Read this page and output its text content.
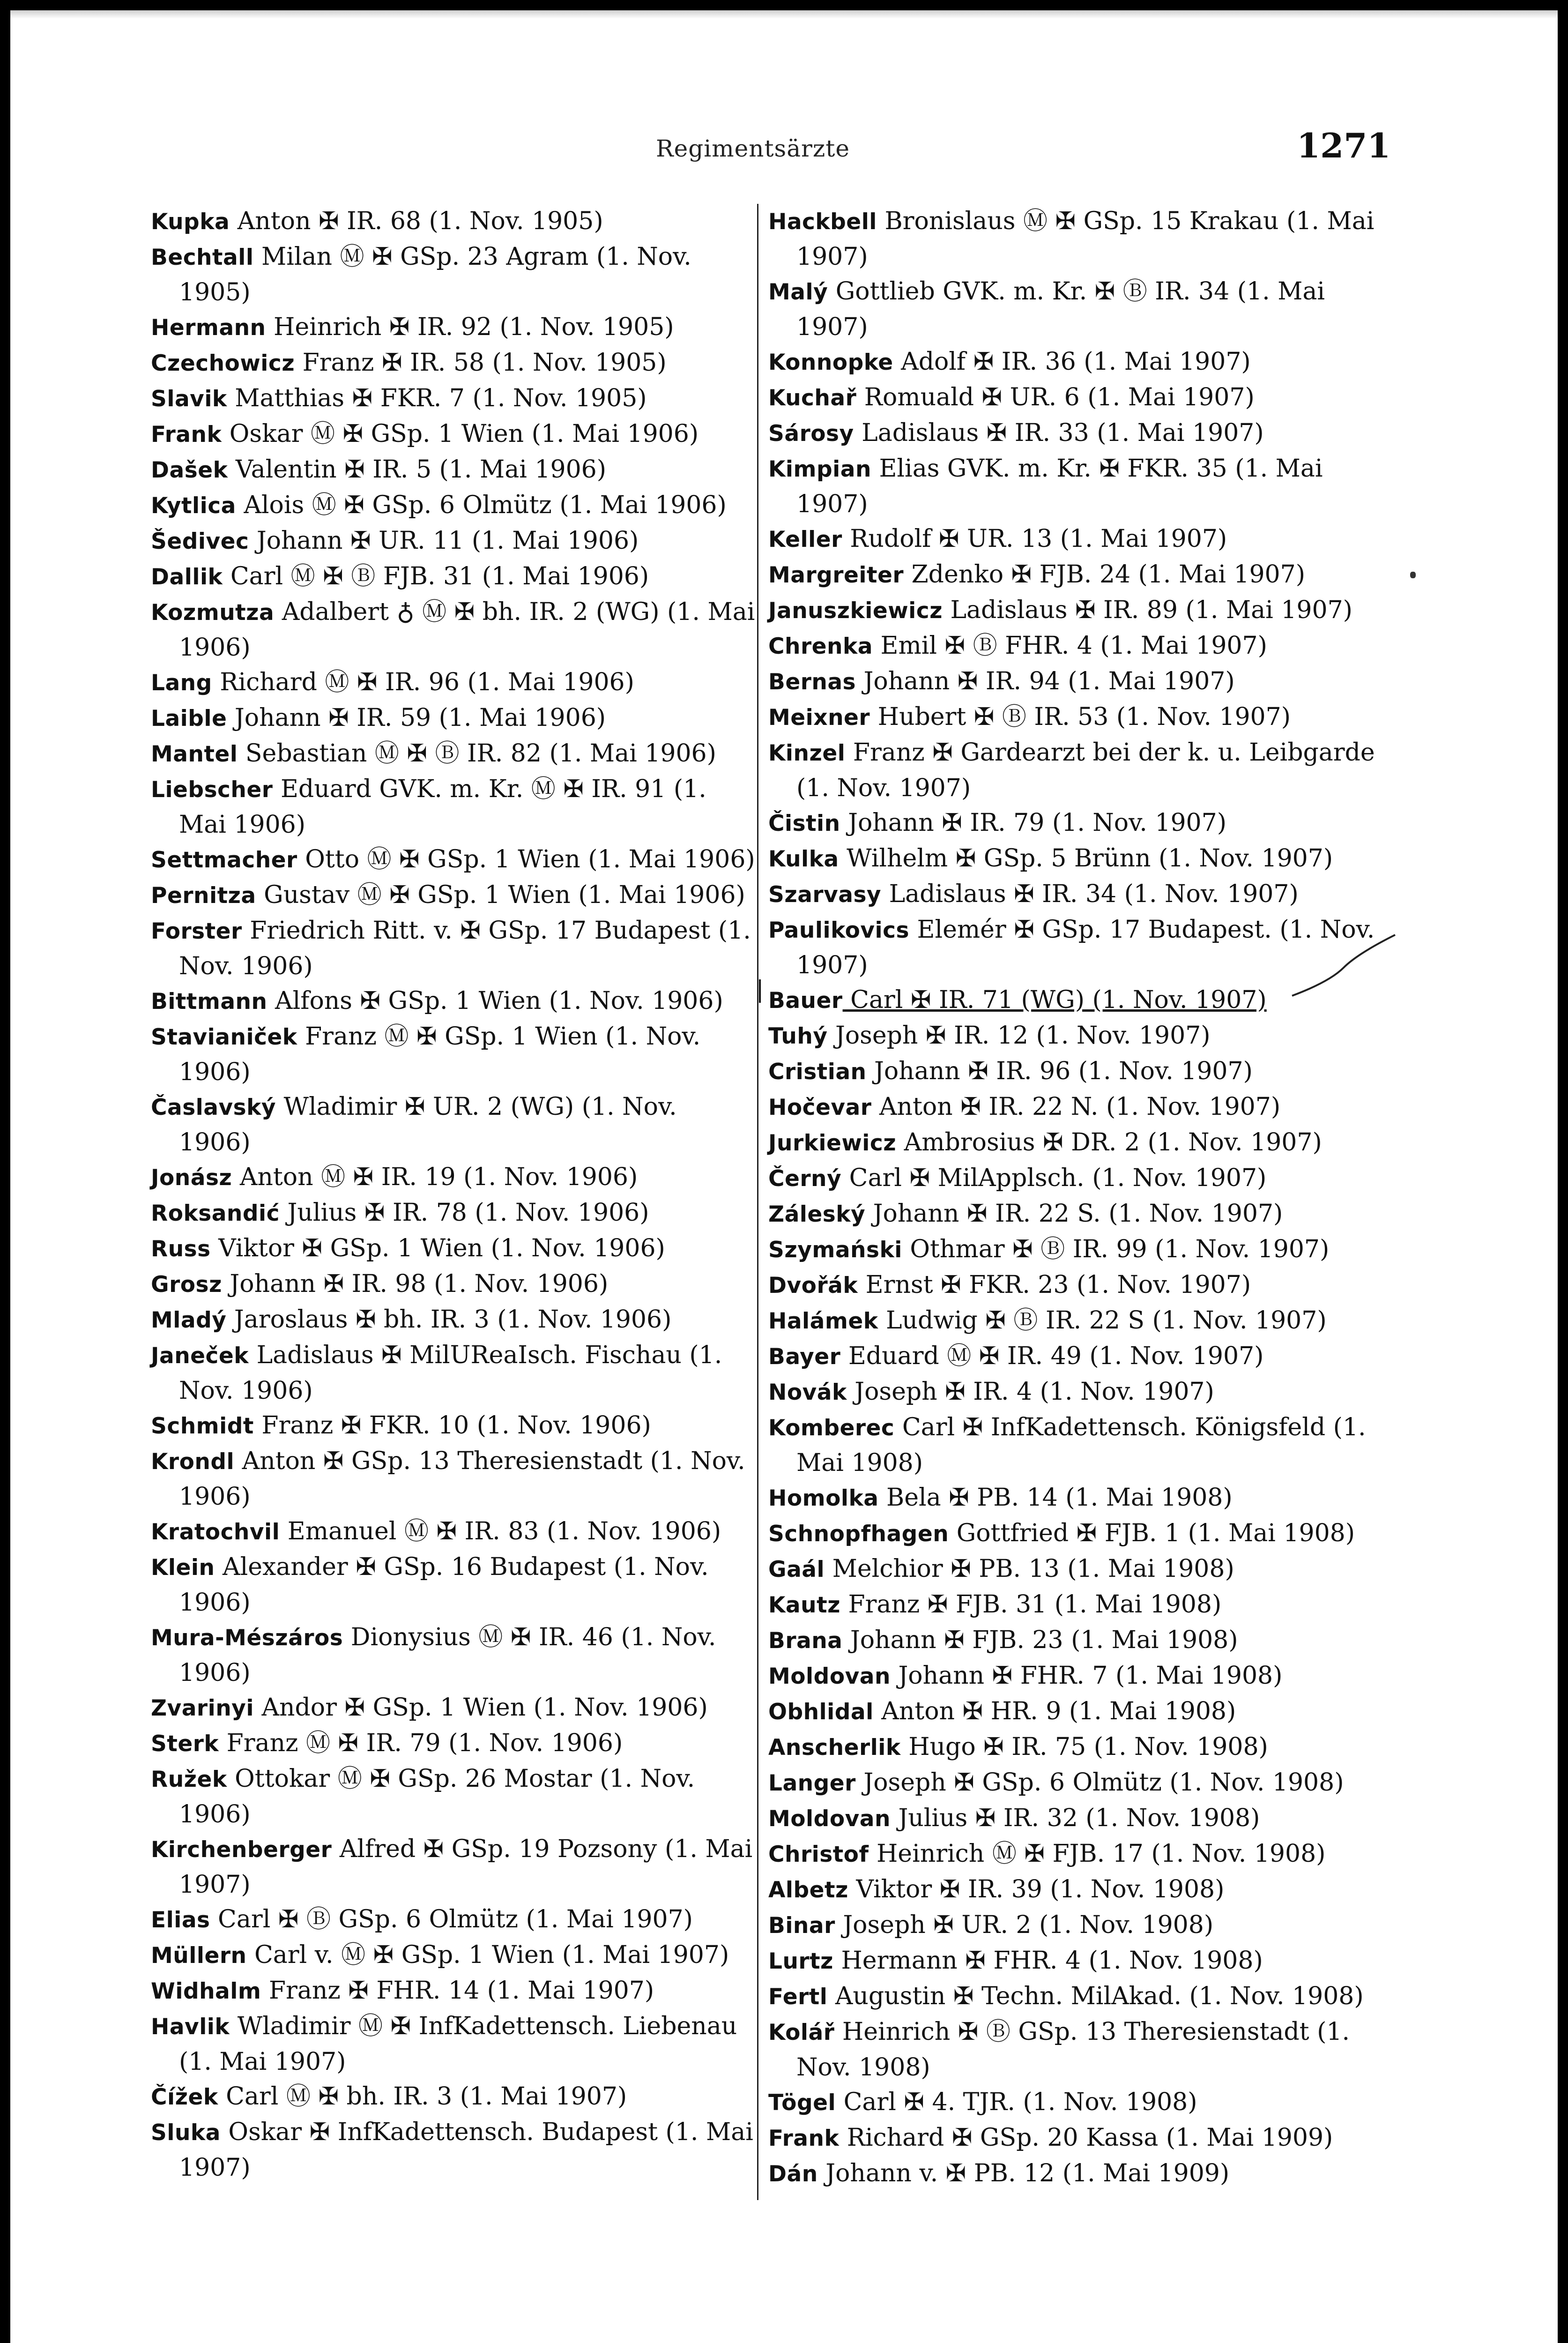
Regimentsärzte	1271
Kupka Anton ✠ IR. 68 (1. Nov. 1905)
Bechtall Milan Ⓜ ✠ GSp. 23 Agram (1. Nov. 1905)
Hermann Heinrich ✠ IR. 92 (1. Nov. 1905)
Czechowicz Franz ✠ IR. 58 (1. Nov. 1905)
Slavik Matthias ✠ FKR. 7 (1. Nov. 1905)
Frank Oskar Ⓜ ✠ GSp. 1 Wien (1. Mai 1906)
Dašek Valentin ✠ IR. 5 (1. Mai 1906)
Kytlica Alois Ⓜ ✠ GSp. 6 Olmütz (1. Mai 1906)
Šedivec Johann ✠ UR. 11 (1. Mai 1906)
Dallik Carl Ⓜ ✠ Ⓑ FJB. 31 (1. Mai 1906)
Kozmutza Adalbert ♁ Ⓜ ✠ bh. IR. 2 (WG) (1. Mai 1906)
Lang Richard Ⓜ ✠ IR. 96 (1. Mai 1906)
Laible Johann ✠ IR. 59 (1. Mai 1906)
Mantel Sebastian Ⓜ ✠ Ⓑ IR. 82 (1. Mai 1906)
Liebscher Eduard GVK. m. Kr. Ⓜ ✠ IR. 91 (1. Mai 1906)
Settmacher Otto Ⓜ ✠ GSp. 1 Wien (1. Mai 1906)
Pernitza Gustav Ⓜ ✠ GSp. 1 Wien (1. Mai 1906)
Forster Friedrich Ritt. v. ✠ GSp. 17 Budapest (1. Nov. 1906)
Bittmann Alfons ✠ GSp. 1 Wien (1. Nov. 1906)
Stavianiček Franz Ⓜ ✠ GSp. 1 Wien (1. Nov. 1906)
Časlavský Wladimir ✠ UR. 2 (WG) (1. Nov. 1906)
Jonász Anton Ⓜ ✠ IR. 19 (1. Nov. 1906)
Roksandić Julius ✠ IR. 78 (1. Nov. 1906)
Russ Viktor ✠ GSp. 1 Wien (1. Nov. 1906)
Grosz Johann ✠ IR. 98 (1. Nov. 1906)
Mladý Jaroslaus ✠ bh. IR. 3 (1. Nov. 1906)
Janeček Ladislaus ✠ MilUReaIsch. Fischau (1. Nov. 1906)
Schmidt Franz ✠ FKR. 10 (1. Nov. 1906)
Krondl Anton ✠ GSp. 13 Theresienstadt (1. Nov. 1906)
Kratochvil Emanuel Ⓜ ✠ IR. 83 (1. Nov. 1906)
Klein Alexander ✠ GSp. 16 Budapest (1. Nov. 1906)
Mura-Mészáros Dionysius Ⓜ ✠ IR. 46 (1. Nov. 1906)
Zvarinyi Andor ✠ GSp. 1 Wien (1. Nov. 1906)
Sterk Franz Ⓜ ✠ IR. 79 (1. Nov. 1906)
Ružek Ottokar Ⓜ ✠ GSp. 26 Mostar (1. Nov. 1906)
Kirchenberger Alfred ✠ GSp. 19 Pozsony (1. Mai 1907)
Elias Carl ✠ Ⓑ GSp. 6 Olmütz (1. Mai 1907)
Müllern Carl v. Ⓜ ✠ GSp. 1 Wien (1. Mai 1907)
Widhalm Franz ✠ FHR. 14 (1. Mai 1907)
Havlik Wladimir Ⓜ ✠ InfKadettensch. Liebenau (1. Mai 1907)
Čížek Carl Ⓜ ✠ bh. IR. 3 (1. Mai 1907)
Sluka Oskar ✠ InfKadettensch. Budapest (1. Mai 1907)
Hackbell Bronislaus Ⓜ ✠ GSp. 15 Krakau (1. Mai 1907)
Malý Gottlieb GVK. m. Kr. ✠ Ⓑ IR. 34 (1. Mai 1907)
Konnopke Adolf ✠ IR. 36 (1. Mai 1907)
Kuchař Romuald ✠ UR. 6 (1. Mai 1907)
Sárosy Ladislaus ✠ IR. 33 (1. Mai 1907)
Kimpian Elias GVK. m. Kr. ✠ FKR. 35 (1. Mai 1907)
Keller Rudolf ✠ UR. 13 (1. Mai 1907)
Margreiter Zdenko ✠ FJB. 24 (1. Mai 1907)
Januszkiewicz Ladislaus ✠ IR. 89 (1. Mai 1907)
Chrenka Emil ✠ Ⓑ FHR. 4 (1. Mai 1907)
Bernas Johann ✠ IR. 94 (1. Mai 1907)
Meixner Hubert ✠ Ⓑ IR. 53 (1. Nov. 1907)
Kinzel Franz ✠ Gardearzt bei der k. u. Leibgarde (1. Nov. 1907)
Čistin Johann ✠ IR. 79 (1. Nov. 1907)
Kulka Wilhelm ✠ GSp. 5 Brünn (1. Nov. 1907)
Szarvasy Ladislaus ✠ IR. 34 (1. Nov. 1907)
Paulikovics Elemér ✠ GSp. 17 Budapest. (1. Nov. 1907)
Bauer Carl ✠ IR. 71 (WG) (1. Nov. 1907)
Tuhý Joseph ✠ IR. 12 (1. Nov. 1907)
Cristian Johann ✠ IR. 96 (1. Nov. 1907)
Hočevar Anton ✠ IR. 22 N. (1. Nov. 1907)
Jurkiewicz Ambrosius ✠ DR. 2 (1. Nov. 1907)
Černý Carl ✠ MilApplsch. (1. Nov. 1907)
Záleský Johann ✠ IR. 22 S. (1. Nov. 1907)
Szymański Othmar ✠ Ⓑ IR. 99 (1. Nov. 1907)
Dvořák Ernst ✠ FKR. 23 (1. Nov. 1907)
Halámek Ludwig ✠ Ⓑ IR. 22 S (1. Nov. 1907)
Bayer Eduard Ⓜ ✠ IR. 49 (1. Nov. 1907)
Novák Joseph ✠ IR. 4 (1. Nov. 1907)
Komberec Carl ✠ InfKadettensch. Königsfeld (1. Mai 1908)
Homolka Bela ✠ PB. 14 (1. Mai 1908)
Schnopfhagen Gottfried ✠ FJB. 1 (1. Mai 1908)
Gaál Melchior ✠ PB. 13 (1. Mai 1908)
Kautz Franz ✠ FJB. 31 (1. Mai 1908)
Brana Johann ✠ FJB. 23 (1. Mai 1908)
Moldovan Johann ✠ FHR. 7 (1. Mai 1908)
Obhlidal Anton ✠ HR. 9 (1. Mai 1908)
Anscherlik Hugo ✠ IR. 75 (1. Nov. 1908)
Langer Joseph ✠ GSp. 6 Olmütz (1. Nov. 1908)
Moldovan Julius ✠ IR. 32 (1. Nov. 1908)
Christof Heinrich Ⓜ ✠ FJB. 17 (1. Nov. 1908)
Albetz Viktor ✠ IR. 39 (1. Nov. 1908)
Binar Joseph ✠ UR. 2 (1. Nov. 1908)
Lurtz Hermann ✠ FHR. 4 (1. Nov. 1908)
Fertl Augustin ✠ Techn. MilAkad. (1. Nov. 1908)
Kolář Heinrich ✠ Ⓑ GSp. 13 Theresienstadt (1. Nov. 1908)
Tögel Carl ✠ 4. TJR. (1. Nov. 1908)
Frank Richard ✠ GSp. 20 Kassa (1. Mai 1909)
Dán Johann v. ✠ PB. 12 (1. Mai 1909)
